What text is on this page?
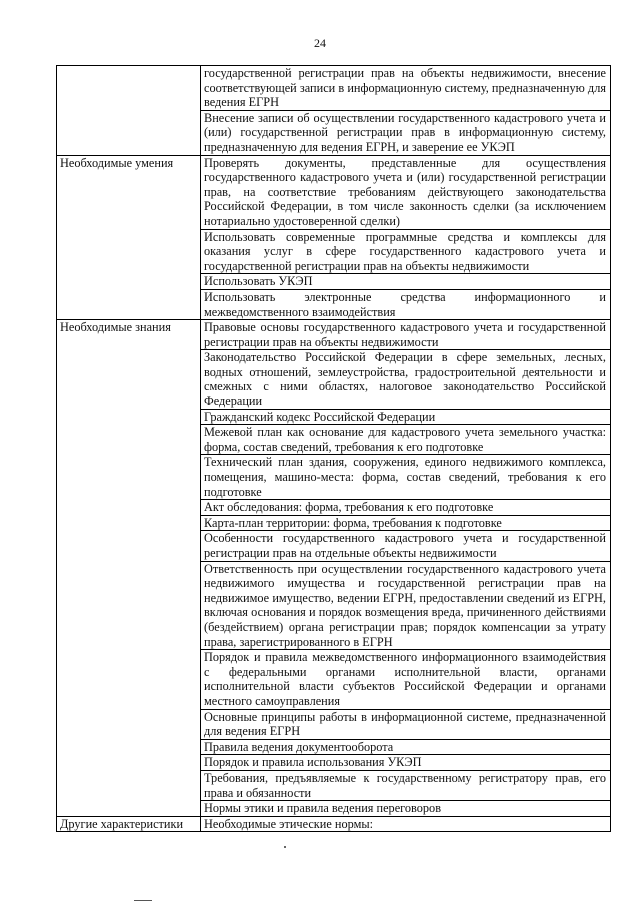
24
	государственной регистрации прав на объекты недвижимости, внесение соответствующей записи в информационную систему, предназначенную для ведения ЕГРН
	Внесение записи об осуществлении государственного кадастрового учета и (или) государственной регистрации прав в информационную систему, предназначенную для ведения ЕГРН, и заверение ее УКЭП
Необходимые умения	Проверять документы, представленные для осуществления государственного кадастрового учета и (или) государственной регистрации прав, на соответствие требованиям действующего законодательства Российской Федерации, в том числе законность сделки (за исключением нотариально удостоверенной сделки)
	Использовать современные программные средства и комплексы для оказания услуг в сфере государственного кадастрового учета и государственной регистрации прав на объекты недвижимости
	Использовать УКЭП
	Использовать электронные средства информационного и межведомственного взаимодействия
Необходимые знания	Правовые основы государственного кадастрового учета и государственной регистрации прав на объекты недвижимости
	Законодательство Российской Федерации в сфере земельных, лесных, водных отношений, землеустройства, градостроительной деятельности и смежных с ними областях, налоговое законодательство Российской Федерации
	Гражданский кодекс Российской Федерации
	Межевой план как основание для кадастрового учета земельного участка: форма, состав сведений, требования к его подготовке
	Технический план здания, сооружения, единого недвижимого комплекса, помещения, машино-места: форма, состав сведений, требования к его подготовке
	Акт обследования: форма, требования к его подготовке
	Карта-план территории: форма, требования к подготовке
	Особенности государственного кадастрового учета и государственной регистрации прав на отдельные объекты недвижимости
	Ответственность при осуществлении государственного кадастрового учета недвижимого имущества и государственной регистрации прав на недвижимое имущество, ведении ЕГРН, предоставлении сведений из ЕГРН, включая основания и порядок возмещения вреда, причиненного действиями (бездействием) органа регистрации прав; порядок компенсации за утрату права, зарегистрированного в ЕГРН
	Порядок и правила межведомственного информационного взаимодействия с федеральными органами исполнительной власти, органами исполнительной власти субъектов Российской Федерации и органами местного самоуправления
	Основные принципы работы в информационной системе, предназначенной для ведения ЕГРН
	Правила ведения документооборота
	Порядок и правила использования УКЭП
	Требования, предъявляемые к государственному регистратору прав, его права и обязанности
	Нормы этики и правила ведения переговоров
Другие характеристики	Необходимые этические нормы:
